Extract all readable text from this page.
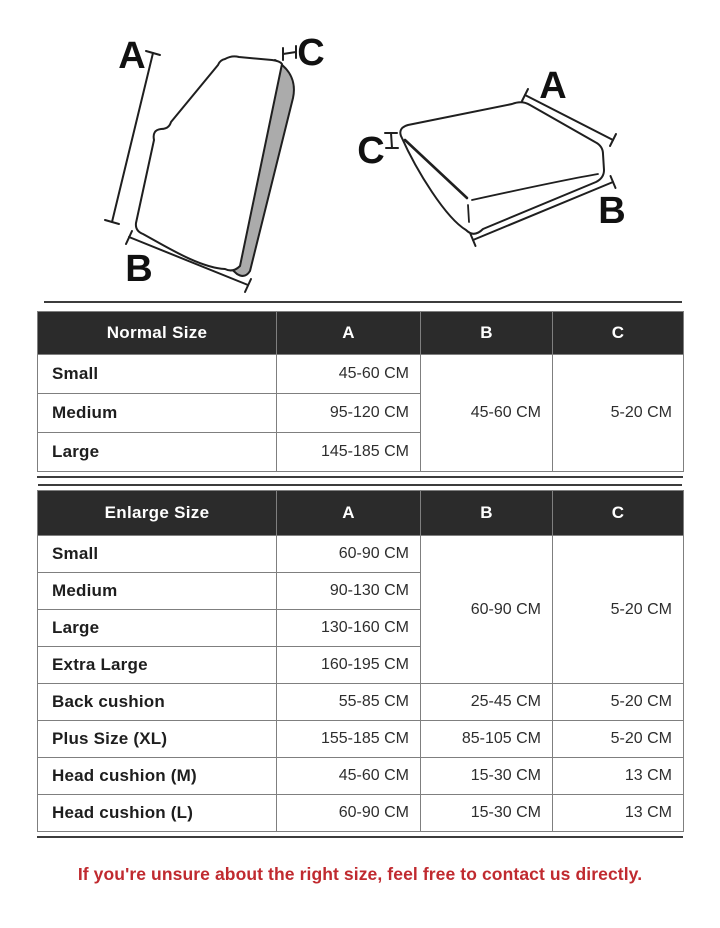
A
B
C
A
B
C
Normal Size	A	B	C
Small	45-60 CM	45-60 CM	5-20 CM
Medium	95-120 CM		
Large	145-185 CM		
Enlarge Size	A	B	C
Small	60-90 CM	60-90 CM	5-20 CM
Medium	90-130 CM		
Large	130-160 CM		
Extra Large	160-195 CM		
Back cushion	55-85 CM	25-45 CM	5-20 CM
Plus Size (XL)	155-185 CM	85-105 CM	5-20 CM
Head cushion (M)	45-60 CM	15-30 CM	13 CM
Head cushion (L)	60-90 CM	15-30 CM	13 CM
If you're unsure about the right size, feel free to contact us directly.
